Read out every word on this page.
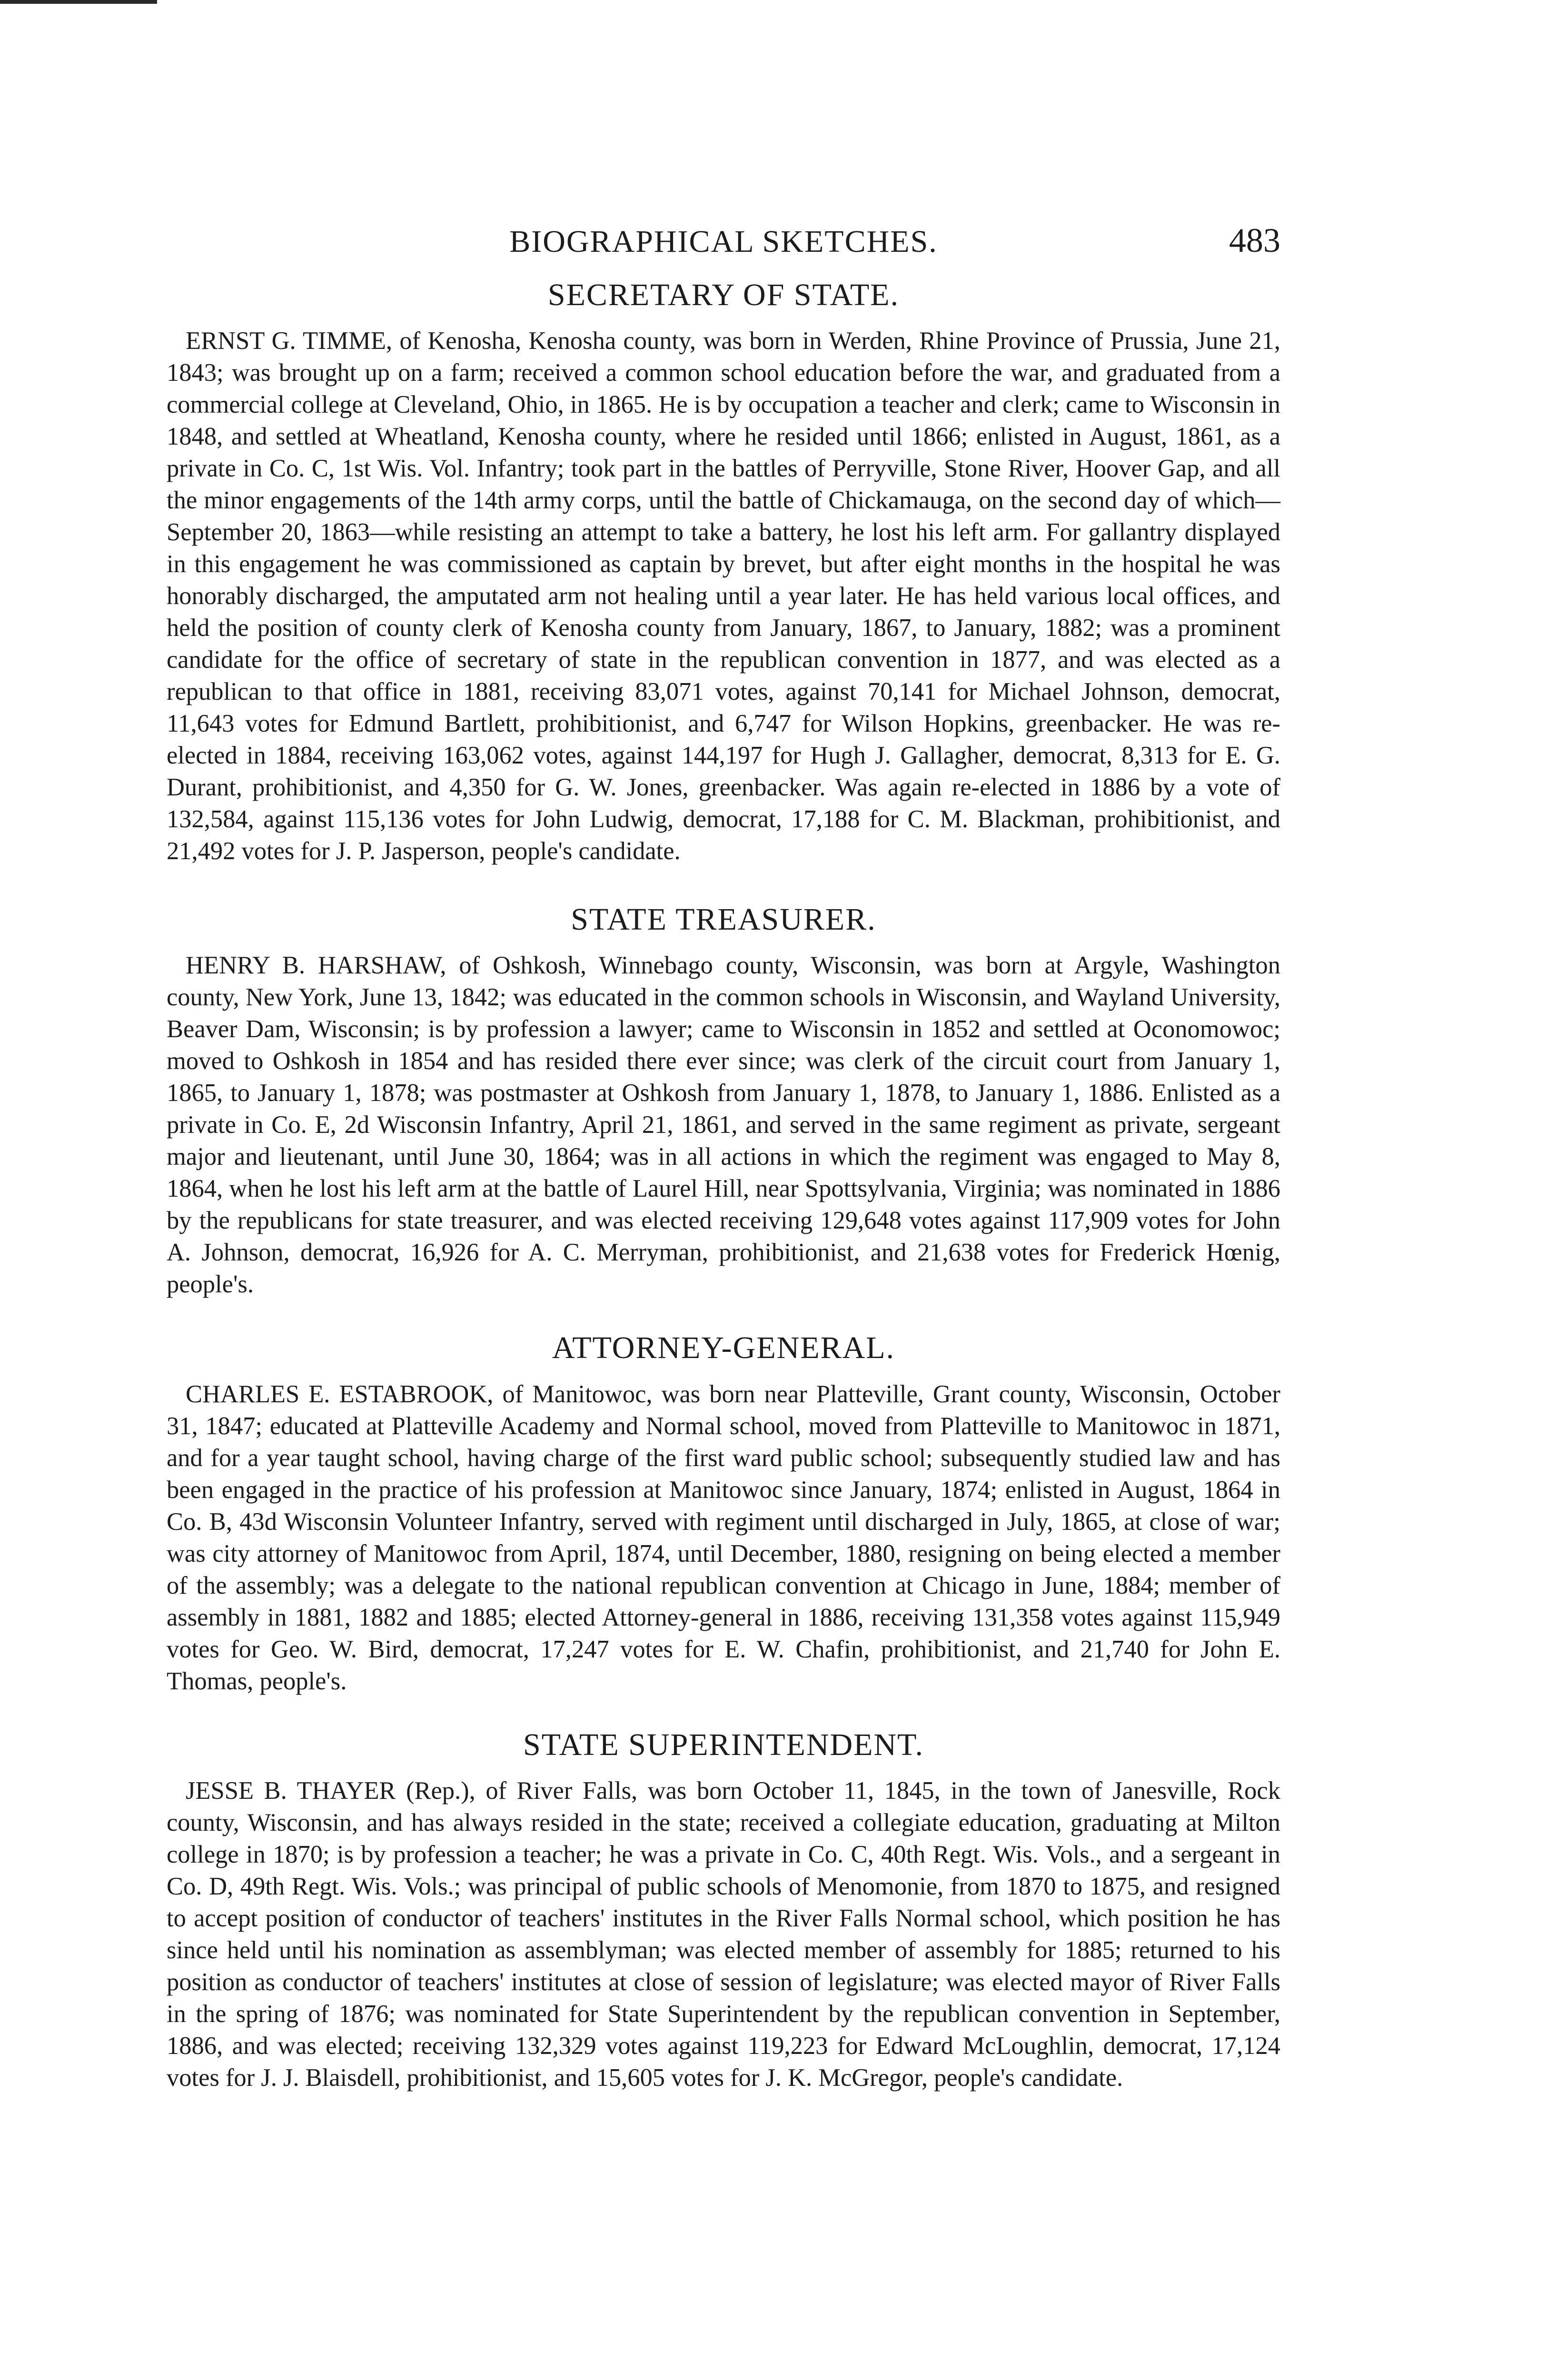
BIOGRAPHICAL SKETCHES.	483
SECRETARY OF STATE.

ERNST G. TIMME, of Kenosha, Kenosha county, was born in Werden, Rhine Province of Prussia, June 21, 1843; was brought up on a farm; received a common school education before the war, and graduated from a commercial college at Cleveland, Ohio, in 1865. He is by occupation a teacher and clerk; came to Wisconsin in 1848, and settled at Wheatland, Kenosha county, where he resided until 1866; enlisted in August, 1861, as a private in Co. C, 1st Wis. Vol. Infantry; took part in the battles of Perryville, Stone River, Hoover Gap, and all the minor engagements of the 14th army corps, until the battle of Chickamauga, on the second day of which—September 20, 1863—while resisting an attempt to take a battery, he lost his left arm. For gallantry displayed in this engagement he was commissioned as captain by brevet, but after eight months in the hospital he was honorably discharged, the amputated arm not healing until a year later. He has held various local offices, and held the position of county clerk of Kenosha county from January, 1867, to January, 1882; was a prominent candidate for the office of secretary of state in the republican convention in 1877, and was elected as a republican to that office in 1881, receiving 83,071 votes, against 70,141 for Michael Johnson, democrat, 11,643 votes for Edmund Bartlett, prohibitionist, and 6,747 for Wilson Hopkins, greenbacker. He was re-elected in 1884, receiving 163,062 votes, against 144,197 for Hugh J. Gallagher, democrat, 8,313 for E. G. Durant, prohibitionist, and 4,350 for G. W. Jones, greenbacker. Was again re-elected in 1886 by a vote of 132,584, against 115,136 votes for John Ludwig, democrat, 17,188 for C. M. Blackman, prohibitionist, and 21,492 votes for J. P. Jasperson, people's candidate.

STATE TREASURER.

HENRY B. HARSHAW, of Oshkosh, Winnebago county, Wisconsin, was born at Argyle, Washington county, New York, June 13, 1842; was educated in the common schools in Wisconsin, and Wayland University, Beaver Dam, Wisconsin; is by profession a lawyer; came to Wisconsin in 1852 and settled at Oconomowoc; moved to Oshkosh in 1854 and has resided there ever since; was clerk of the circuit court from January 1, 1865, to January 1, 1878; was postmaster at Oshkosh from January 1, 1878, to January 1, 1886. Enlisted as a private in Co. E, 2d Wisconsin Infantry, April 21, 1861, and served in the same regiment as private, sergeant major and lieutenant, until June 30, 1864; was in all actions in which the regiment was engaged to May 8, 1864, when he lost his left arm at the battle of Laurel Hill, near Spottsylvania, Virginia; was nominated in 1886 by the republicans for state treasurer, and was elected receiving 129,648 votes against 117,909 votes for John A. Johnson, democrat, 16,926 for A. C. Merryman, prohibitionist, and 21,638 votes for Frederick Hœnig, people's.

ATTORNEY-GENERAL.

CHARLES E. ESTABROOK, of Manitowoc, was born near Platteville, Grant county, Wisconsin, October 31, 1847; educated at Platteville Academy and Normal school, moved from Platteville to Manitowoc in 1871, and for a year taught school, having charge of the first ward public school; subsequently studied law and has been engaged in the practice of his profession at Manitowoc since January, 1874; enlisted in August, 1864 in Co. B, 43d Wisconsin Volunteer Infantry, served with regiment until discharged in July, 1865, at close of war; was city attorney of Manitowoc from April, 1874, until December, 1880, resigning on being elected a member of the assembly; was a delegate to the national republican convention at Chicago in June, 1884; member of assembly in 1881, 1882 and 1885; elected Attorney-general in 1886, receiving 131,358 votes against 115,949 votes for Geo. W. Bird, democrat, 17,247 votes for E. W. Chafin, prohibitionist, and 21,740 for John E. Thomas, people's.

STATE SUPERINTENDENT.

JESSE B. THAYER (Rep.), of River Falls, was born October 11, 1845, in the town of Janesville, Rock county, Wisconsin, and has always resided in the state; received a collegiate education, graduating at Milton college in 1870; is by profession a teacher; he was a private in Co. C, 40th Regt. Wis. Vols., and a sergeant in Co. D, 49th Regt. Wis. Vols.; was principal of public schools of Menomonie, from 1870 to 1875, and resigned to accept position of conductor of teachers' institutes in the River Falls Normal school, which position he has since held until his nomination as assemblyman; was elected member of assembly for 1885; returned to his position as conductor of teachers' institutes at close of session of legislature; was elected mayor of River Falls in the spring of 1876; was nominated for State Superintendent by the republican convention in September, 1886, and was elected; receiving 132,329 votes against 119,223 for Edward McLoughlin, democrat, 17,124 votes for J. J. Blaisdell, prohibitionist, and 15,605 votes for J. K. McGregor, people's candidate.
